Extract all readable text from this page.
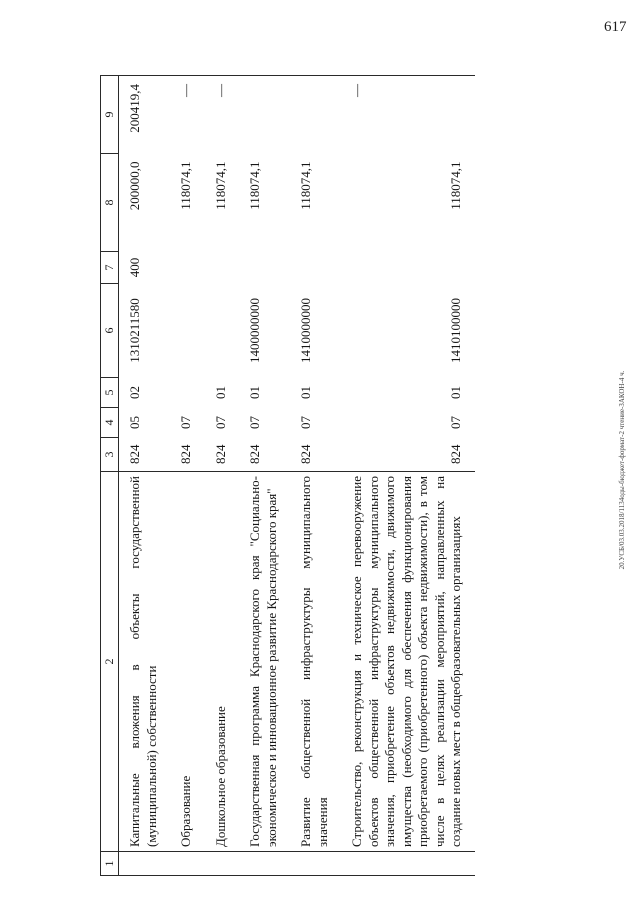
617
20.УСБ/03.03.2018/1134оды-бюджет-формат-2 чтение-ЗАКОН-4 ч.
1	2	3	4	5	6	7	8	9
	Капитальные вложения в объекты государственной (муниципальной) собственности	824	05	02	1310211580	400	200000,0	200419,4
	Образование	824	07				118074,1	—
	Дошкольное образование	824	07	01			118074,1	—
	Государственная программа Краснодарского края "Социально-экономическое и инновационное развитие Краснодарского края"	824	07	01	1400000000		118074,1	
	Развитие общественной инфраструктуры муниципального значения	824	07	01	1410000000		118074,1	
	Строительство, реконструкция и техническое перевооружение объектов общественной инфраструктуры муниципального значения, приобретение объектов недвижимости, движимого имущества (необходимого для обеспечения функционирования приобретаемого (приобретенного) объекта недвижимости), в том числе в целях реализации мероприятий, направленных на создание новых мест в общеобразовательных организациях	824	07	01	1410100000		118074,1	—
